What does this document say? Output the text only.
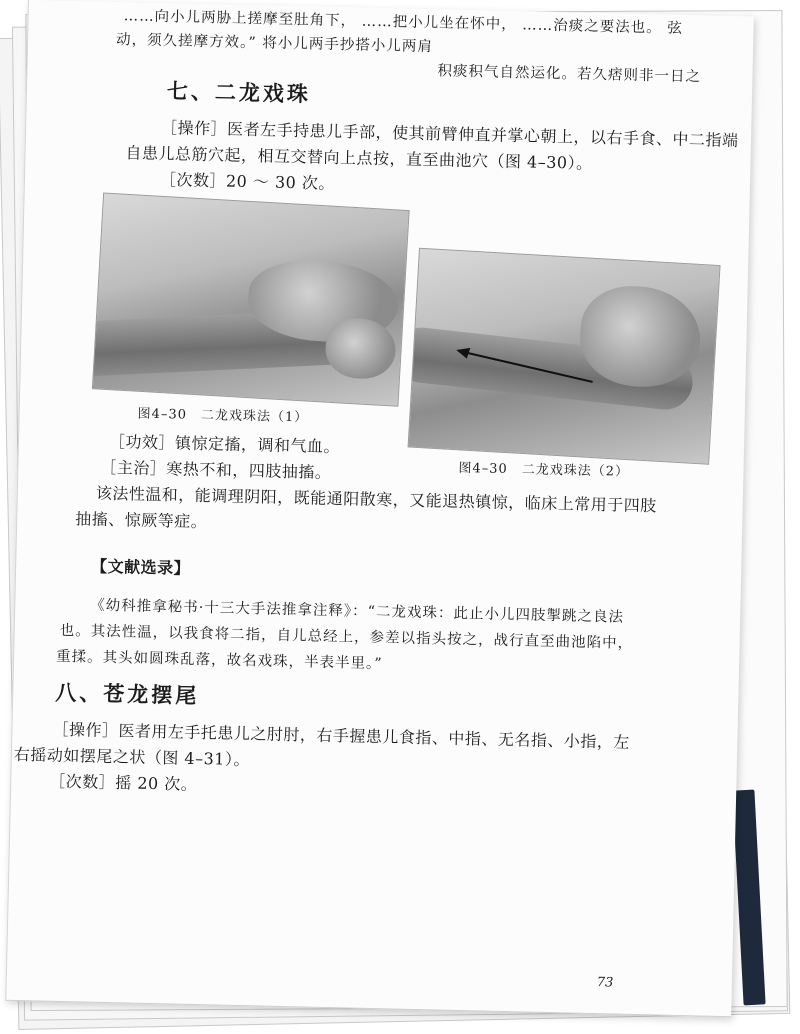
……向小儿两胁上搓摩至肚角下， ……把小儿坐在怀中， ……治痰之要法也。 弦
动，须久搓摩方效。” 将小儿两手抄搭小儿两肩
积痰积气自然运化。若久痞则非一日之
七、二龙戏珠
［操作］医者左手持患儿手部，使其前臂伸直并掌心朝上，以右手食、中二指端
自患儿总筋穴起，相互交替向上点按，直至曲池穴（图 4–30）。
［次数］20 ～ 30 次。
图4–30　二龙戏珠法（1）
图4–30　二龙戏珠法（2）
［功效］镇惊定搐，调和气血。
［主治］寒热不和，四肢抽搐。
该法性温和，能调理阴阳，既能通阳散寒，又能退热镇惊，临床上常用于四肢
抽搐、惊厥等症。
【文献选录】
《幼科推拿秘书·十三大手法推拿注释》：“二龙戏珠：此止小儿四肢掣跳之良法
也。其法性温，以我食将二指，自儿总经上，参差以指头按之，战行直至曲池陷中，
重揉。其头如圆珠乱落，故名戏珠，半表半里。”
八、苍龙摆尾
［操作］医者用左手托患儿之肘肘，右手握患儿食指、中指、无名指、小指，左
右摇动如摆尾之状（图 4–31）。
［次数］摇 20 次。
73
